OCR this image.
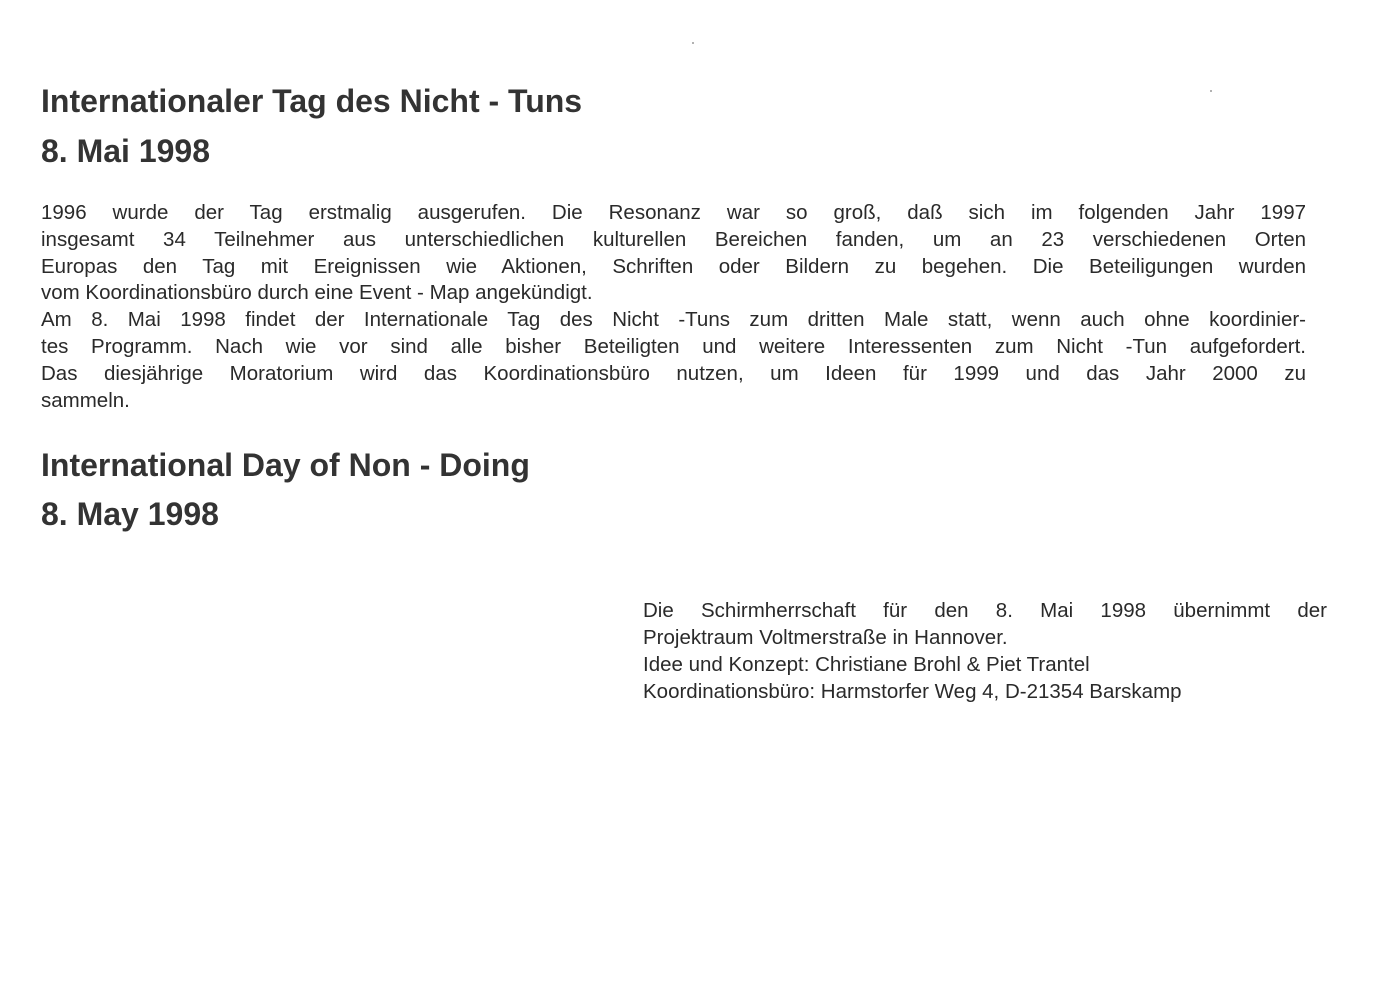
Internationaler Tag des Nicht - Tuns
8. Mai 1998

1996 wurde der Tag erstmalig ausgerufen. Die Resonanz war so groß, daß sich im folgenden Jahr 1997
insgesamt 34 Teilnehmer aus unterschiedlichen kulturellen Bereichen fanden, um an 23 verschiedenen Orten
Europas den Tag mit Ereignissen wie Aktionen, Schriften oder Bildern zu begehen. Die Beteiligungen wurden
vom Koordinationsbüro durch eine Event - Map angekündigt.
Am 8. Mai 1998 findet der Internationale Tag des Nicht -Tuns zum dritten Male statt, wenn auch ohne koordinier-
tes Programm. Nach wie vor sind alle bisher Beteiligten und weitere Interessenten zum Nicht -Tun aufgefordert.
Das diesjährige Moratorium wird das Koordinationsbüro nutzen, um Ideen für 1999 und das Jahr 2000 zu
sammeln.

International Day of Non - Doing
8. May 1998
Die Schirmherrschaft für den 8. Mai 1998 übernimmt der
Projektraum Voltmerstraße in Hannover.
Idee und Konzept: Christiane Brohl & Piet Trantel
Koordinationsbüro: Harmstorfer Weg 4, D-21354 Barskamp
